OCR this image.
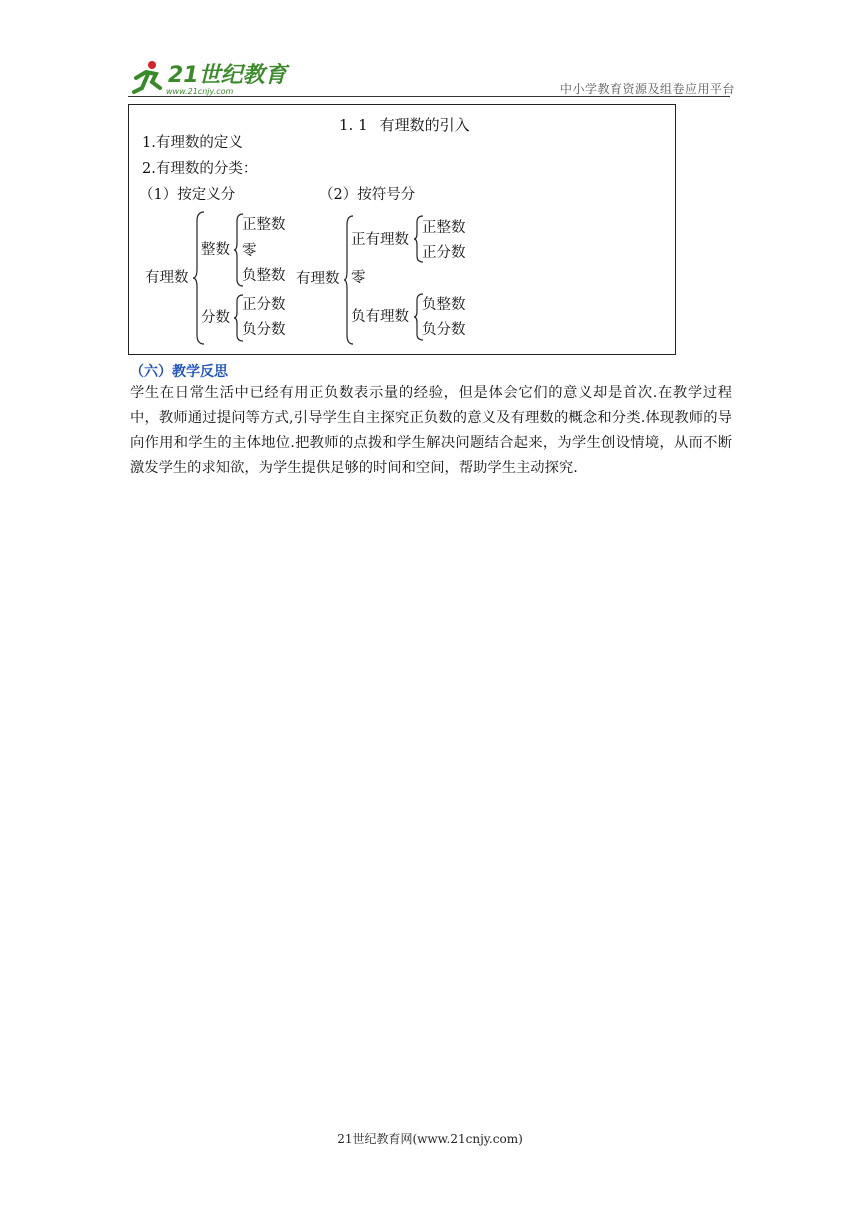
21世纪教育
www.21cnjy.com	中小学教育资源及组卷应用平台
1. 1 有理数的引入
1.有理数的定义
2.有理数的分类：
（1）按定义分	（2）按符号分
有理数
整数
正整数
零
负整数
分数
正分数
负分数
有理数
正有理数
正整数
正分数
零
负有理数
负整数
负分数
（六）教学反思
学生在日常生活中已经有用正负数表示量的经验，但是体会它们的意义却是首次.在教学过程中，教师通过提问等方式,引导学生自主探究正负数的意义及有理数的概念和分类.体现教师的导向作用和学生的主体地位.把教师的点拨和学生解决问题结合起来，为学生创设情境，从而不断激发学生的求知欲，为学生提供足够的时间和空间，帮助学生主动探究.
21世纪教育网(www.21cnjy.com)
